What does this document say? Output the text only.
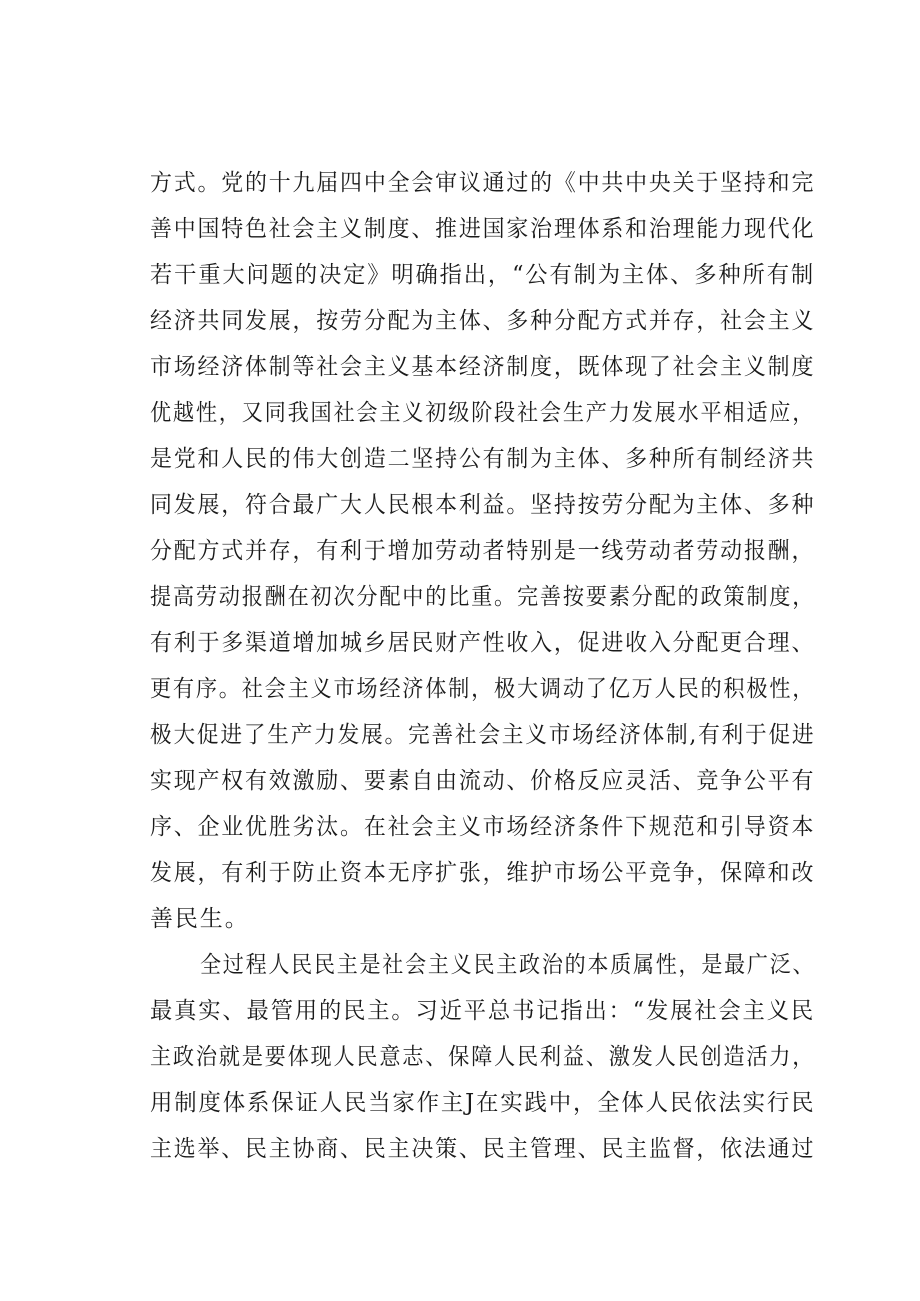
方式。党的十九届四中全会审议通过的《中共中央关于坚持和完
善中国特色社会主义制度、推进国家治理体系和治理能力现代化
若干重大问题的决定》明确指出，“公有制为主体、多种所有制
经济共同发展，按劳分配为主体、多种分配方式并存，社会主义
市场经济体制等社会主义基本经济制度，既体现了社会主义制度
优越性，又同我国社会主义初级阶段社会生产力发展水平相适应，
是党和人民的伟大创造二坚持公有制为主体、多种所有制经济共
同发展，符合最广大人民根本利益。坚持按劳分配为主体、多种
分配方式并存，有利于增加劳动者特别是一线劳动者劳动报酬，
提高劳动报酬在初次分配中的比重。完善按要素分配的政策制度，
有利于多渠道增加城乡居民财产性收入，促进收入分配更合理、
更有序。社会主义市场经济体制，极大调动了亿万人民的积极性，
极大促进了生产力发展。完善社会主义市场经济体制,有利于促进
实现产权有效激励、要素自由流动、价格反应灵活、竞争公平有
序、企业优胜劣汰。在社会主义市场经济条件下规范和引导资本
发展，有利于防止资本无序扩张，维护市场公平竞争，保障和改
善民生。
全过程人民民主是社会主义民主政治的本质属性，是最广泛、
最真实、最管用的民主。习近平总书记指出：“发展社会主义民
主政治就是要体现人民意志、保障人民利益、激发人民创造活力，
用制度体系保证人民当家作主J在实践中，全体人民依法实行民
主选举、民主协商、民主决策、民主管理、民主监督，依法通过
